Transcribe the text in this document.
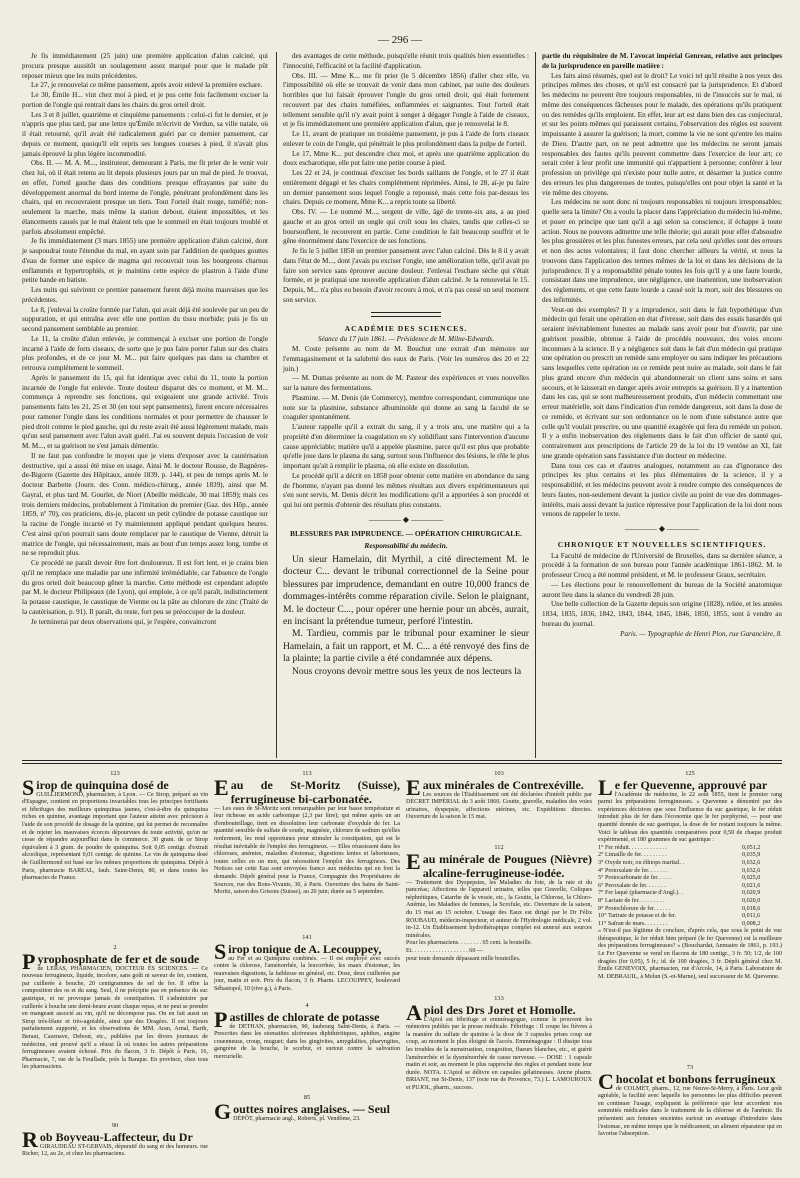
— 296 —

Je fis immédiatement (25 juin) une première application d'alun calciné, qui procura presque aussitôt un soulagement assez marqué pour que le malade pût reposer mieux que les nuits précédentes.

Le 27, je renouvelai ce même pansement, après avoir enlevé la première eschare.

Le 30, Émile H... vint chez moi à pied, et je pus cette fois facilement exciser la portion de l'ongle qui rentrait dans les chairs du gros orteil droit.

Les 3 et 8 juillet, quatrième et cinquième pansements : celui-ci fut le dernier, et je n'appris que plus tard, par une lettre qu'Émile m'écrivit de Verdun, sa ville natale, où il était retourné, qu'il avait été radicalement guéri par ce dernier pansement, car depuis ce moment, quoiqu'il eût repris ses longues courses à pied, il n'avait plus jamais éprouvé la plus légère incommodité.

Obs. II. — M. A. M..., instituteur, demeurant à Paris, me fit prier de le venir voir chez lui, où il était retenu au lit depuis plusieurs jours par un mal de pied. Je trouvai, en effet, l'orteil gauche dans des conditions presque effrayantes par suite du développement anormal du bord interne de l'ongle, pénétrant profondément dans les chairs, qui en recouvraient presque un tiers. Tout l'orteil était rouge, tuméfié; non-seulement la marche, mais même la station debout, étaient impossibles, et les élancements causés par le mal étaient tels que le sommeil en était toujours troublé et parfois absolument empêché.

Je fis immédiatement (3 mars 1855) une première application d'alun calciné, dont je saupoudrai toute l'étendue du mal, en ayant soin par l'addition de quelques gouttes d'eau de former une espèce de magma qui recouvrait tous les bourgeons charnus enflammés et hypertrophiés, et je maintins cette espèce de plastron à l'aide d'une petite bande en batiste.

Les nuits qui suivirent ce premier pansement furent déjà moins mauvaises que les précédentes.

Le 8, j'enlevai la croûte formée par l'alun, qui avait déjà été soulevée par un peu de suppuration, et qui entraîna avec elle une portion du tissu morbide; puis je fis un second pansement semblable au premier.

Le 11, la croûte d'alun enlevée, je commençai à exciser une portion de l'ongle incarné à l'aide de forts ciseaux, de sorte que je pus faire porter l'alun sur des chairs plus profondes, et de ce jour M. M... put faire quelques pas dans sa chambre et retrouva complétement le sommeil.

Après le pansement du 15, qui fut identique avec celui du 11, toute la portion incarnée de l'ongle fut enlevée. Toute douleur disparut dès ce moment, et M. M... commença à reprendre ses fonctions, qui exigeaient une grande activité. Trois pansements faits les 21, 25 et 30 (en tout sept pansements), furent encore nécessaires pour ramener l'ongle dans les conditions normales et pour permettre de chausser le pied droit comme le pied gauche, qui du reste avait été aussi légèrement malade, mais qu'un seul pansement avec l'alun avait guéri. J'ai eu souvent depuis l'occasion de voir M. M..., et sa guérison ne s'est jamais démentie.

Il ne faut pas confondre le moyen que je viens d'exposer avec la cautérisation destructive, qui a aussi été mise en usage. Ainsi M. le docteur Rousse, de Bagnères-de-Bigorre (Gazette des Hôpitaux, année 1839, p. 144), et peu de temps après M. le docteur Barbette (Journ. des Conn. médico-chirurg., année 1839), ainsi que M. Gayral, et plus tard M. Gourlet, de Niort (Abeille médicale, 30 mai 1859); mais ces trois derniers médecins, probablement à l'imitation du premier (Gaz. des Hôp., année 1859, nº 70), ces praticiens, dis-je, placent un petit cylindre de potasse caustique sur la racine de l'ongle incarné et l'y maintiennent appliqué pendant quelques heures. C'est ainsi qu'on pourrait sans doute remplacer par le caustique de Vienne, détruit la matrice de l'ongle, qui nécessairement, mais au bout d'un temps assez long, tombe et ne se reproduit plus.

Ce procédé ne paraît devoir être fort douloureux. Il est fort lent, et je crains bien qu'il ne remplace une maladie par une infirmité irrémédiable, car l'absence de l'ongle du gros orteil doit beaucoup gêner la marche. Cette méthode est cependant adoptée par M. le docteur Philipeaux (de Lyon), qui emploie, à ce qu'il paraît, indistinctement la potasse caustique, le caustique de Vienne ou la pâte au chlorure de zinc (Traité de la cautérisation, p. 91). Il paraît, du reste, fort peu se préoccuper de la douleur.

Je terminerai par deux observations qui, je l'espère, convaincront

des avantages de cette méthode, puisqu'elle réunit trois qualités bien essentielles : l'innocuité, l'efficacité et la facilité d'application.

Obs. III. — Mme K... me fit prier (le 5 décembre 1856) d'aller chez elle, vu l'impossibilité où elle se trouvait de venir dans mon cabinet, par suite des douleurs horribles que lui faisait éprouver l'ongle du gros orteil droit, qui était fortement recouvert par des chairs tuméfiées, enflammées et saignantes. Tout l'orteil était tellement sensible qu'il n'y avait point à songer à dégager l'ongle à l'aide de ciseaux, et je fis immédiatement une première application d'alun, que je renouvelai le 8.

Le 11, avant de pratiquer un troisième pansement, je pus à l'aide de forts ciseaux enlever le coin de l'ongle, qui pénétrait le plus profondément dans la pulpe de l'orteil.

Le 17, Mme K... put descendre chez moi, et après une quatrième application du doux escharotique, elle put faire une petite course à pied.

Les 22 et 24, je continuai d'exciser les bords saillants de l'ongle, et le 27 il était entièrement dégagé et les chairs complétement réprimées. Ainsi, le 28, aï-je pu faire un dernier pansement sous lequel l'ongle a repoussé, mais cette fois par-dessus les chairs. Depuis ce moment, Mme K... a repris toute sa liberté.

Obs. IV. — Le nommé M..., sergent de ville, âgé de trente-six ans, a au pied gauche et au gros orteil un ongle qui croît sous les chairs, tandis que celles-ci se boursouflent, le recouvrent en partie. Cette condition le fait beaucoup souffrir et le gêne énormément dans l'exercice de ses fonctions.

Je fis le 5 juillet 1858 un premier pansement avec l'alun calciné. Dès le 8 il y avait dans l'état de M..., dont j'avais pu exciser l'ongle, une amélioration telle, qu'il avait pu faire son service sans éprouver aucune douleur. J'enlevai l'eschare sèche qui s'était formée, et je pratiquai une nouvelle application d'alun calciné. Je la renouvelai le 15. Depuis, M... n'a plus eu besoin d'avoir recours à moi, et n'a pas cessé un seul moment son service.

ACADÉMIE DES SCIENCES.

Séance du 17 juin 1861. — Présidence de M. Milne-Edwards.

M. Coste présente au nom de M. Bouchut une extrait d'un mémoire sur l'emmagasinement et la salubrité des eaux de Paris. (Voir les numéros des 20 et 22 juin.)

— M. Dumas présente au nom de M. Pasteur des expériences et vues nouvelles sur la nature des fermentations.

Plasmine. — M. Denis (de Commercy), membre correspondant, communique une note sur la plasmine, substance albuminoïde qui donne au sang la faculté de se coaguler spontanément.

L'auteur rappelle qu'il a extrait du sang, il y a trois ans, une matière qui a la propriété d'en déterminer la coagulation en s'y solidifiant sans l'intervention d'aucune cause appréciable; matière qu'il a appelée plasmine, parce qu'il est plus que probable qu'elle joue dans le plasma du sang, surtout sous l'influence des lésions, le rôle le plus important qu'ait à remplir le plasma, où elle existe en dissolution.

Le procédé qu'il a décrit en 1858 pour obtenir cette matière en abondance du sang de l'homme, n'ayant pas donné les mêmes résultats aux divers expérimentateurs qui s'en sont servis, M. Denis décrit les modifications qu'il a apportées à son procédé et qui lui ont permis d'obtenir des résultats plus constants.

———— ◆ ————
BLESSURES PAR IMPRUDENCE. — OPÉRATION CHIRURGICALE.
Responsabilité du médecin.

Un sieur Hamelain, dit Myrthil, a cité directement M. le docteur C... devant le tribunal correctionnel de la Seine pour blessures par imprudence, demandant en outre 10,000 francs de dommages-intérêts comme réparation civile. Selon le plaignant, M. le docteur C..., pour opérer une hernie pour un abcès, aurait, en incisant la prétendue tumeur, perforé l'intestin.

M. Tardieu, commis par le tribunal pour examiner le sieur Hamelain, a fait un rapport, et M. C... a été renvoyé des fins de la plainte; la partie civile a été condamnée aux dépens.

Nous croyons devoir mettre sous les yeux de nos lecteurs la

partie du réquisitoire de M. l'avocat impérial Genreau, relative aux principes de la jurisprudence en pareille matière :

Les faits ainsi résumés, quel est le droit? Le voici tel qu'il résulte à nos yeux des principes mêmes des choses, et qu'il est consacré par la jurisprudence. Et d'abord les médecins ne peuvent être toujours responsables, ni de l'insuccès sur le mal, ni même des conséquences fâcheuses pour le malade, des opérations qu'ils pratiquent ou des remèdes qu'ils emploient. En effet, leur art est dans bien des cas conjectural, et sur les points mêmes qui paraissent certains, l'observation des règles est souvent impuissante à assurer la guérison; la mort, comme la vie ne sont qu'entre les mains de Dieu. D'autre part, on ne peut admettre que les médecins ne seront jamais responsables des fautes qu'ils peuvent commettre dans l'exercice de leur art; ce serait créer à leur profit une immunité qui n'appartient à personne; conférer à leur profession un privilège qui n'existe pour nulle autre, et désarmer la justice contre des erreurs les plus dangereuses de toutes, puisqu'elles ont pour objet la santé et la vie même des citoyens.

Les médecins ne sont donc ni toujours responsables ni toujours irresponsables; quelle sera la limite? On a voulu la placer dans l'appréciation du médecin lui-même, et poser en principe que tant qu'il a agi selon sa conscience, il échappe à toute action. Nous ne pouvons admettre une telle théorie; qui aurait pour effet d'absoudre les plus grossières et les plus funestes erreurs, par cela seul qu'elles sont des erreurs et non des actes volontaires; il faut donc chercher ailleurs la vérité, et nous la trouvons dans l'application des termes mêmes de la loi et dans les décisions de la jurisprudence. Il y a responsabilité pénale toutes les fois qu'il y a une faute lourde, consistant dans une imprudence, une négligence, une inattention, une inobservation des règlements, et que cette faute lourde a causé soit la mort, soit des blessures ou des infirmités.

Veut-on des exemples? Il y a imprudence, soit dans le fait hypothétique d'un médecin qui ferait une opération en état d'ivresse, soit dans des essais hasardés qui seraient inévitablement funestes au malade sans avoir pour but d'ouvrir, par une guérison possible, obtenue à l'aide de procédés nouveaux, des voies encore inconnues à la science. Il y a négligence soit dans le fait d'un médecin qui pratique une opération ou prescrit un remède sans employer ou sans indiquer les précautions sans lesquelles cette opération ou ce remède peut nuire au malade, soit dans le fait plus grand encore d'un médecin qui abandonnerait un client sans soins et sans secours, et le laisserait en danger après avoir entrepris sa guérison. Il y a inattention dans les cas, qui se sont malheureusement produits, d'un médecin commettant une erreur matérielle, soit dans l'indication d'un remède dangereux, soit dans la dose de ce remède, et écrivant sur son ordonnance ou le nom d'une substance autre que celle qu'il voulait prescrire, ou une quantité exagérée qui fera du remède un poison. Il y a enfin inobservation des règlements dans le fait d'un officier de santé qui, contrairement aux prescriptions de l'article 29 de la loi du 19 ventôse an XI, fait une grande opération sans l'assistance d'un docteur en médecine.

Dans tous ces cas et d'autres analogues, notamment au cas d'ignorance des principes les plus certains et les plus élémentaires de la science, il y a responsabilité, et les médecins peuvent avoir à rendre compte des conséquences de leurs fautes, non-seulement devant la justice civile au point de vue des dommages-intérêts, mais aussi devant la justice répressive pour l'application de la loi dont nous venons de rappeler le texte.

———— ◆ ————
CHRONIQUE ET NOUVELLES SCIENTIFIQUES.

La Faculté de médecine de l'Université de Bruxelles, dans sa dernière séance, a procédé à la formation de son bureau pour l'année académique 1861-1862. M. le professeur Crocq a été nommé président, et M. le professeur Graux, secrétaire.

— Les élections pour le renouvellement du bureau de la Société anatomique auront lieu dans la séance du vendredi 28 juin.

Une belle collection de la Gazette depuis son origine (1828), reliée, et les années 1834, 1835, 1836, 1842, 1843, 1844, 1845, 1846, 1850, 1855, sont à vendre au bureau du journal.

Paris. — Typographie de Henri Plon, rue Garancière, 8.

123
Sirop de quinquina dosé de

GUILLIERMOND, pharmacien, à Lyon. — Ce Sirop, préparé au vin d'Espagne, contient en proportions invariables tous les principes fortifiants et fébrifuges des meilleurs quinquinas jaunes, c'est-à-dire du quinquina riches en quinine, avantage important que l'auteur atteint avec précision à l'aide de son procédé de dosage de la quinine, qui lui permet de reconnaître et de rejeter les mauvaises écorces dépourvues de toute activité, qu'on ne cesse de répandre aujourd'hui dans le commerce. 30 gram. de ce Sirop équivalent à 3 gram. de poudre de quinquina. Soit 0,05 centigr. d'extrait alcoolique, représentant 0,01 centigr. de quinine. Le vin de quinquina dosé de Guilliermond est basé sur les mêmes proportions de quinquina. Dépôt à Paris, pharmacie BAREAL, faub. Saint-Denis, 80, et dans toutes les pharmacies de France.

2
Pyrophosphate de fer et de soude

de LERAS, PHARMACIEN, DOCTEUR ÈS SCIENCES. — Ce nouveau ferrugineux, liquide, incolore, sans goût ni saveur de fer, contient, par cuillerée à bouche, 20 centigrammes de sel de fer. Il offre la composition des os et du sang. Seul, il ne précipite pas en présence du suc gastrique, et ne provoque jamais de constipation. Il s'administre par cuillerée à bouche une demi-heure avant chaque repas, et ne peut se prendre en mangeant associé au vin, qu'il ne décompose pas. On en fait aussi un Sirop très-blanc et très-agréable, ainsi que des Dragées. Il est toujours parfaitement supporté, et les observations de MM. Aran, Arnal, Barth, Beraut, Cazenave, Debout, etc., publiées par les divers journaux de médecine, ont prouvé qu'il a réussi là où toutes les autres préparations ferrugineuses avaient échoué. Prix du flacon, 3 fr. Dépôt à Paris, 16, Pharmacie, 7, rue de la Feuillade, près la Banque. En province, chez tous les pharmaciens.

90
Rob Boyveau-Laffecteur, du Dr

GIRAUDEAU ST-GERVAIS, dépuratif du sang et des humeurs. rue Richer, 12, au 2e, et chez les pharmaciens.

113
Eau de St-Moritz (Suisse), ferrugineuse bi-carbonatée.

— Les eaux de St-Moritz sont remarquables par leur basse température et leur richesse en acide carbonique (2,3 par litre); qui même après un an d'embouteillage, tient en dissolution leur carbonate d'oxydule de fer. La quantité sensible de sulfate de soude, magnésie, chlorure de sodium qu'elles renferment, les rend opportunes pour stimuler la constipation, qui est le résultat inévitable de l'emploi des ferrugineux. — Elles réussissent dans les chloroses, anémies, maladies d'estomac, digestions lentes et laborieuses, toutes celles en un mot, qui nécessitent l'emploi des ferrugineux. Des Notices sur cette Eau sont envoyées franco aux médecins qui en font la demande. Dépôt général pour la France, Compagnie des Propriétaires de Sources, rue des Bons-Vivants, 30, à Paris. Ouverture des bains de Saint-Moritz, saison des Grisons (Suisse), au 20 juin; durée au 5 septembre.

141
Sirop tonique de A. Lecouppey,

au Fer et au Quinquina combinés. — Il est employé avec succès contre la chlorose, l'aménorrhée, la leucorrhée, les maux d'estomac, les mauvaises digestions, la faiblesse en général, etc. Dose, deux cuillerées par jour, matin et soir. Prix du flacon, 3 fr. Pharm. LECOUPPEY, boulevard Sébastopol, 10 (rive g.), à Paris.

4
Pastilles de chlorate de potasse

de DETHAN, pharmacien, 90, faubourg Saint-Denis, à Paris. — Prescrites dans les stomatites ulcéreuses diphthéritiques, aphthes, angine couenneuse, croup, muguet; dans les gingivites, amygdalites, pharyngites, gangrène de la bouche, le scorbut, et surtout contre la salivation mercurielle.

85
Gouttes noires anglaises. — Seul

DÉPÔT, pharmacie angl., Roberts, pl. Vendôme, 23.

103
Eaux minérales de Contrexéville.

Les sources de l'Établissement ont été déclarées d'intérêt public par DÉCRET IMPÉRIAL du 3 août 1860. Goutte, gravelle, maladies des voies urinaires, dyspepsie, affections utérines, etc. Expéditions directes. Ouverture de la saison le 15 mai.

112
Eau minérale de Pougues (Nièvre) alcaline-ferrugineuse-iodée.

— Traitement des Dyspepsies, les Maladies du foie, de la rate et du pancréas; Affections de l'appareil urinaire, telles que Gravelle, Coliques néphrétiques, Catarrhe de la vessie, etc., la Goutte, la Chlorose, la Chloro-Anémie, les Maladies de femmes, la Scrofule, etc. Ouverture de la saison, du 15 mai au 15 octobre. L'usage des Eaux est dirigé par le Dr Félix ROUBAUD, médecin-inspecteur, et auteur de l'Hydrologie médicale, 2 vol. in-12. Un Établissement hydrothérapique complet est annexé aux sources minérales.

Pour les pharmaciens. . . . . . . . 65 cent. la bouteille.

Et. . . . . . . . . . . . . . . . . . . 60 —

pour toute demande dépassant mille bouteilles.

133
Apiol des Drs Joret et Homolle.

L'Apiol est fébrifuge et emménagogue, comme le prouvent les mémoires publiés par la presse médicale. Fébrifuge : Il coupe les fièvres à la manière du sulfate de quinine à la dose de 3 capsules prises coup sur coup, au moment le plus éloigné de l'accès. Emménagogue : Il dissipe tous les troubles de la menstruation, congestion, flueurs blanches, etc., et guérit l'aménorrhée et la dysménorrhée de cause nerveuse. — DOSE : 1 capsule matin et soir, au moment le plus rapproché des règles et pendant toute leur durée. NOTA. L'Apiol se délivre en capsules gélatineuses. Ancne pharm. BRIANT, rue St-Denis, 137 (octe rue de Provence, 73.) L. LAMOUROUX et PUJOL, pharm., success.

125
Le fer Quevenne, approuvé par

l'Académie de médecine, le 22 août 1855, tient le premier rang parmi les préparations ferrugineuses. « Quevenne a démontré par des expériences décisives que sous l'influence du suc gastrique, le fer réduit introduit plus de fer dans l'économie que le fer porphyrisé, — pour une quantité donnée de suc gastrique, la dose de fer restant toujours la même. Voici le tableau des quantités comparatives pour 0,50 de chaque produit expérimenté, et 180 grammes de suc gastrique :

1° Fer réduit. . . . . . . . . . . . .	0,051,2
2° Limaille de fer. . . . . . . . .	0,035,9
3° Oxyde noir, ou éthiops martial. .	0,032,6
4° Protoxalate de fer. . . . . . .	0,032,6
5° Protocarbonate de fer. . . . .	0,025,0
6° Peroxalate de fer. . . . . . .	0,021,6
7° Fer laqué (pharmacie d'Angl.). .	0,020,9
8° Lactate de fer. . . . . . . . .	0,020,0
9° Protochlorure de fer. . . . . .	0,018,6
10° Tartrate de potasse et de fer.	0,011,6
11° Safran de mars. . . . . . . .	0,008,2

« N'est-il pas légitime de conclure, d'après cela, que sous le point de vue thérapeutique, le fer réduit bien préparé (le fer Quevenne) est la meilleure des préparations ferrugineuses? » (Bouchardat, Annuaire de 1861, p. 193.) Le Fer Quevenne se vend en flacons de 180 centigr., 3 fr. 50; 1/2, de 100 dragées (fer 0,05), 5 fr.; id. de 100 dragées, 3 fr. Dépôt général chez M. Émile GENEVOIX, pharmacien, rue d'Arcole, 14, à Paris. Laboratoire de M. DEBRAUIL, à Melun (S.-et-Marne), seul successeur de M. Quevenne.

73
Chocolat et bonbons ferrugineux

de COLMET, pharm., 12, rue Neuve-St-Merry, à Paris. Leur goût agréable, la facilité avec laquelle les personnes les plus difficiles peuvent en continuer l'usage, expliquent la préférence que leur accordent nos sommités médicales dans le traitement de la chlorose et de l'anémie. Ils présentent aux femmes enceintes surtout un avantage d'introduire dans l'estomac, en même temps que le médicament, un aliment réparateur qui en favorise l'absorption.
